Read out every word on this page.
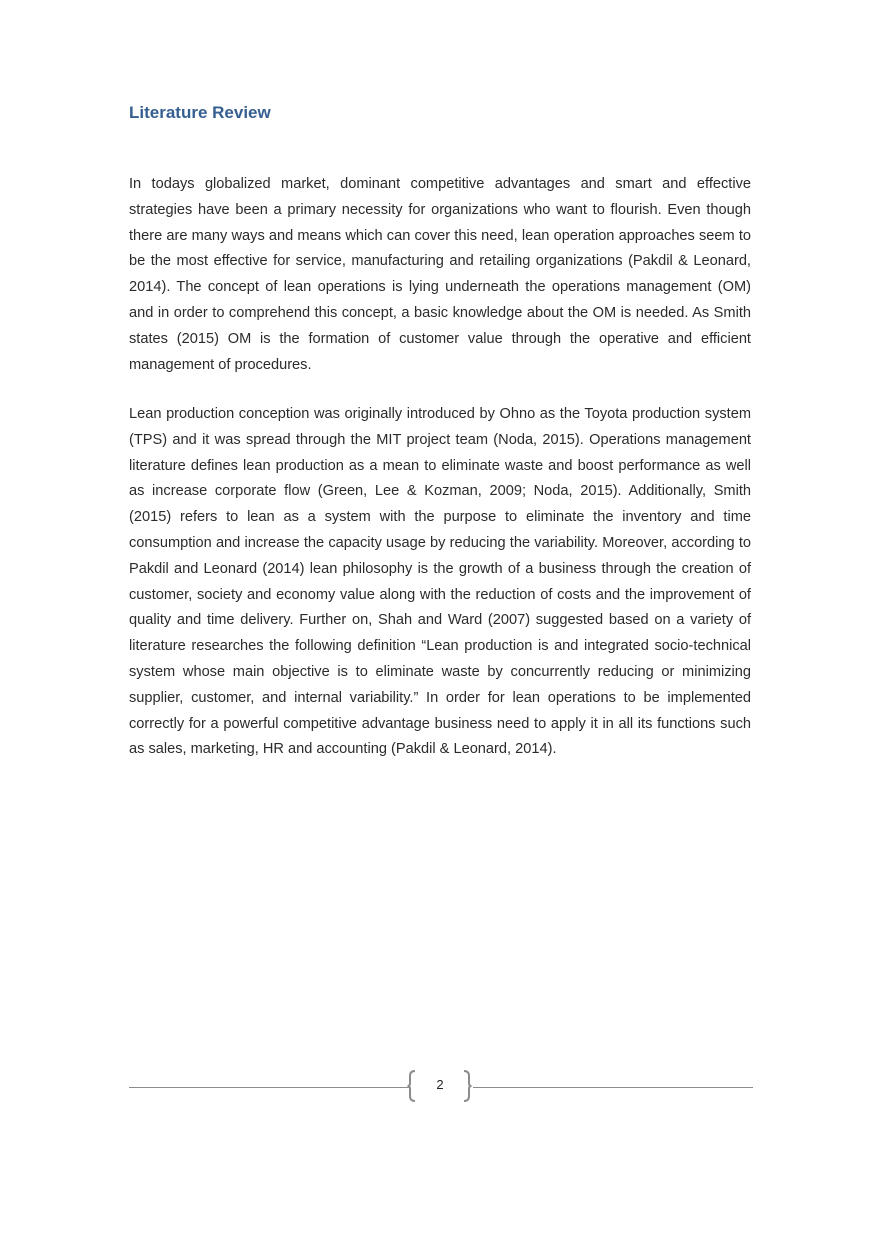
Literature Review

In todays globalized market, dominant competitive advantages and smart and effective strategies have been a primary necessity for organizations who want to flourish. Even though there are many ways and means which can cover this need, lean operation approaches seem to be the most effective for service, manufacturing and retailing organizations (Pakdil & Leonard, 2014). The concept of lean operations is lying underneath the operations management (OM) and in order to comprehend this concept, a basic knowledge about the OM is needed. As Smith states (2015) OM is the formation of customer value through the operative and efficient management of procedures.

Lean production conception was originally introduced by Ohno as the Toyota production system (TPS) and it was spread through the MIT project team (Noda, 2015). Operations management literature defines lean production as a mean to eliminate waste and boost performance as well as increase corporate flow (Green, Lee & Kozman, 2009; Noda, 2015). Additionally, Smith (2015) refers to lean as a system with the purpose to eliminate the inventory and time consumption and increase the capacity usage by reducing the variability. Moreover, according to Pakdil and Leonard (2014) lean philosophy is the growth of a business through the creation of customer, society and economy value along with the reduction of costs and the improvement of quality and time delivery. Further on, Shah and Ward (2007) suggested based on a variety of literature researches the following definition “Lean production is and integrated socio-technical system whose main objective is to eliminate waste by concurrently reducing or minimizing supplier, customer, and internal variability.” In order for lean operations to be implemented correctly for a powerful competitive advantage business need to apply it in all its functions such as sales, marketing, HR and accounting (Pakdil & Leonard, 2014).

2
